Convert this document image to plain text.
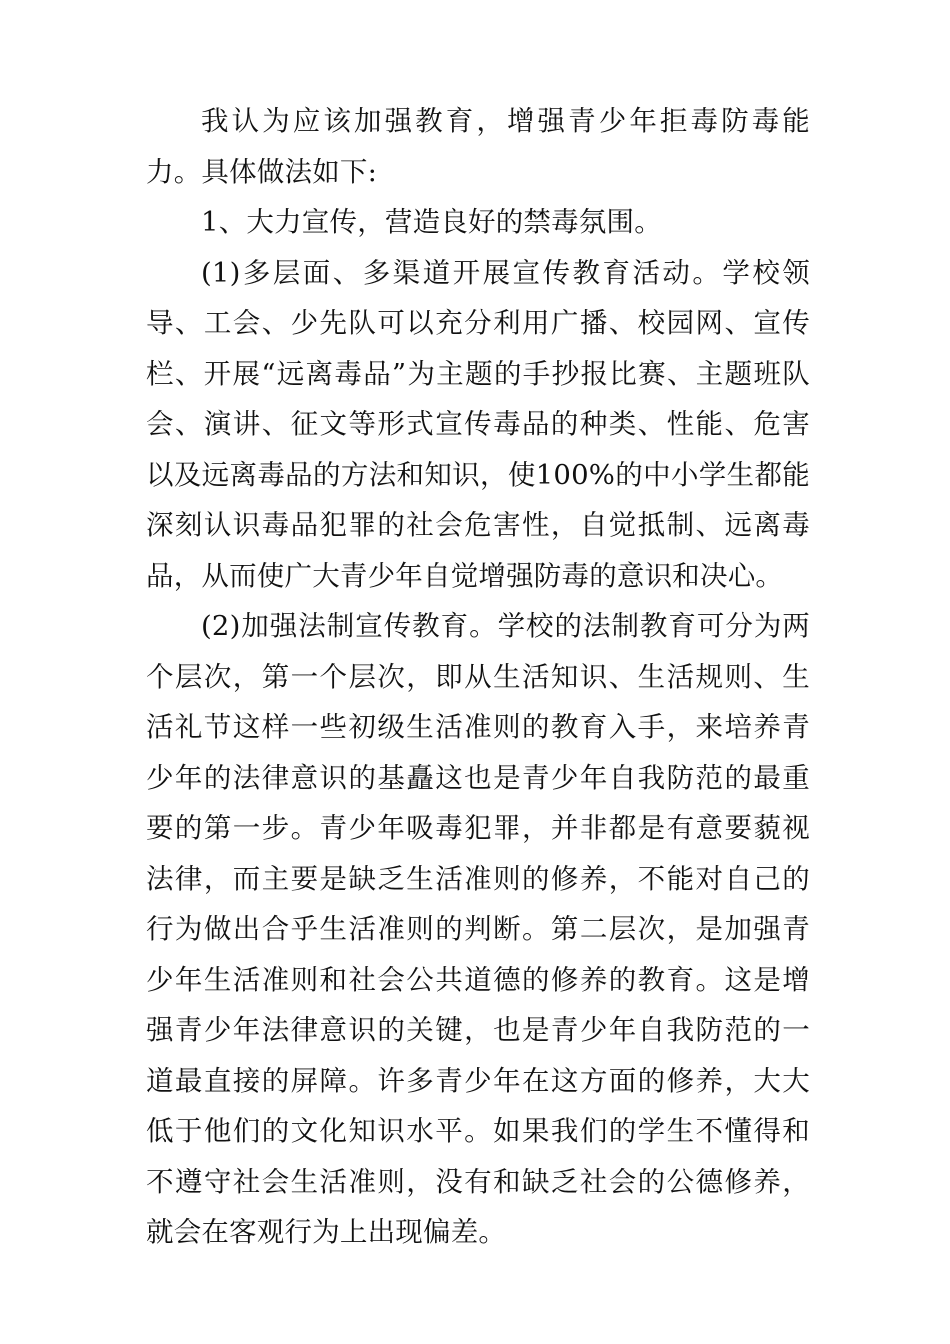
我认为应该加强教育，增强青少年拒毒防毒能力。具体做法如下:

1、大力宣传，营造良好的禁毒氛围。

(1)多层面、多渠道开展宣传教育活动。学校领导、工会、少先队可以充分利用广播、校园网、宣传栏、开展“远离毒品”为主题的手抄报比赛、主题班队会、演讲、征文等形式宣传毒品的种类、性能、危害以及远离毒品的方法和知识，使100%的中小学生都能深刻认识毒品犯罪的社会危害性，自觉抵制、远离毒品，从而使广大青少年自觉增强防毒的意识和决心。

(2)加强法制宣传教育。学校的法制教育可分为两个层次，第一个层次，即从生活知识、生活规则、生活礼节这样一些初级生活准则的教育入手，来培养青少年的法律意识的基矗这也是青少年自我防范的最重要的第一步。青少年吸毒犯罪，并非都是有意要藐视法律，而主要是缺乏生活准则的修养，不能对自己的行为做出合乎生活准则的判断。第二层次，是加强青少年生活准则和社会公共道德的修养的教育。这是增强青少年法律意识的关键，也是青少年自我防范的一道最直接的屏障。许多青少年在这方面的修养，大大低于他们的文化知识水平。如果我们的学生不懂得和不遵守社会生活准则，没有和缺乏社会的公德修养，就会在客观行为上出现偏差。
